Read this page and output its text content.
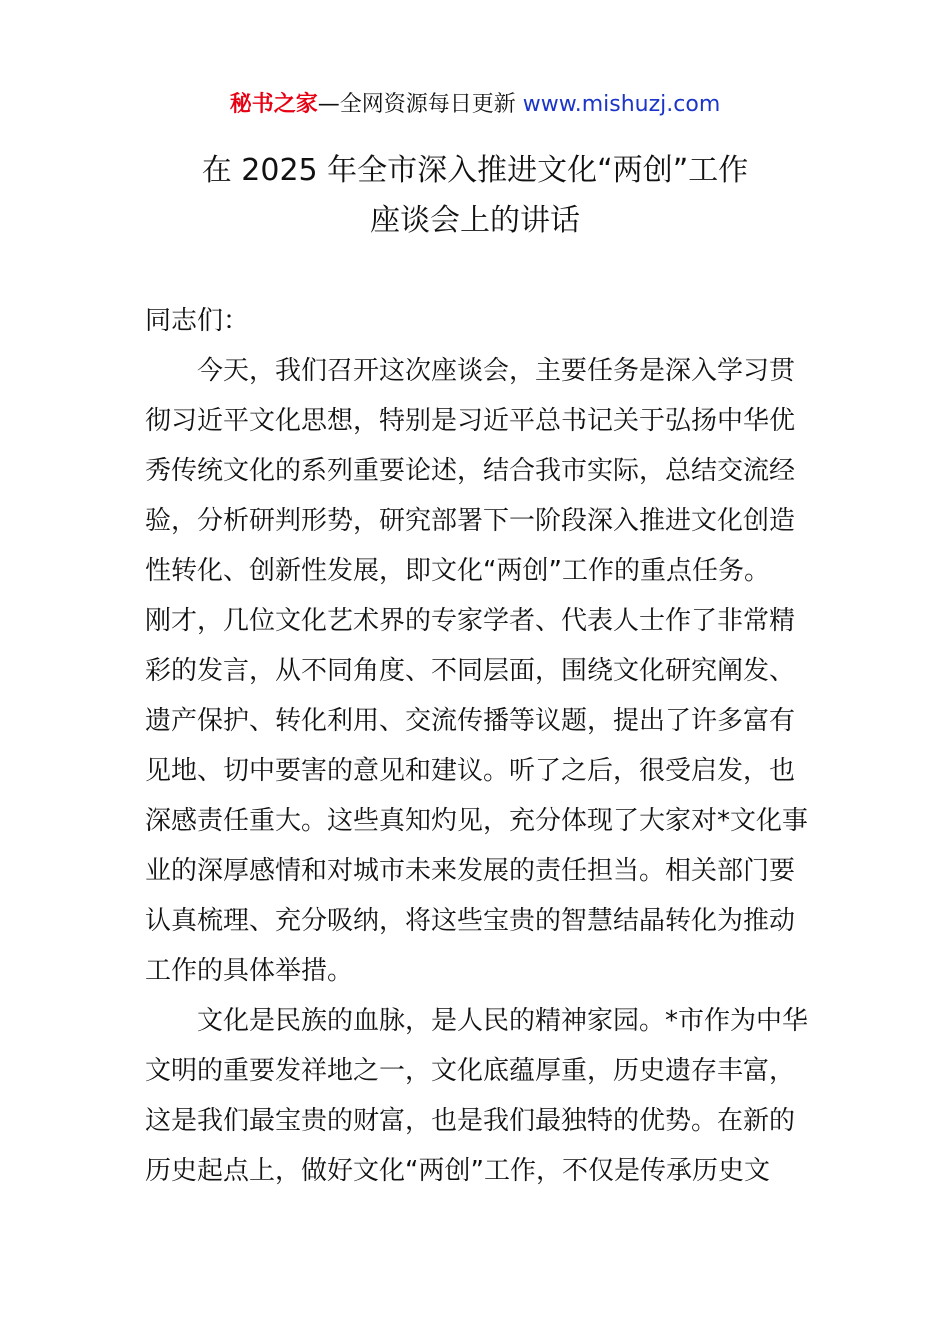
秘书之家—全网资源每日更新 www.mishuzj.com
在 2025 年全市深入推进文化“两创”工作
座谈会上的讲话
同志们：
今天，我们召开这次座谈会，主要任务是深入学习贯
彻习近平文化思想，特别是习近平总书记关于弘扬中华优
秀传统文化的系列重要论述，结合我市实际，总结交流经
验，分析研判形势，研究部署下一阶段深入推进文化创造
性转化、创新性发展，即文化“两创”工作的重点任务。
刚才，几位文化艺术界的专家学者、代表人士作了非常精
彩的发言，从不同角度、不同层面，围绕文化研究阐发、
遗产保护、转化利用、交流传播等议题，提出了许多富有
见地、切中要害的意见和建议。听了之后，很受启发，也
深感责任重大。这些真知灼见，充分体现了大家对*文化事
业的深厚感情和对城市未来发展的责任担当。相关部门要
认真梳理、充分吸纳，将这些宝贵的智慧结晶转化为推动
工作的具体举措。
文化是民族的血脉，是人民的精神家园。*市作为中华
文明的重要发祥地之一，文化底蕴厚重，历史遗存丰富，
这是我们最宝贵的财富，也是我们最独特的优势。在新的
历史起点上，做好文化“两创”工作，不仅是传承历史文
